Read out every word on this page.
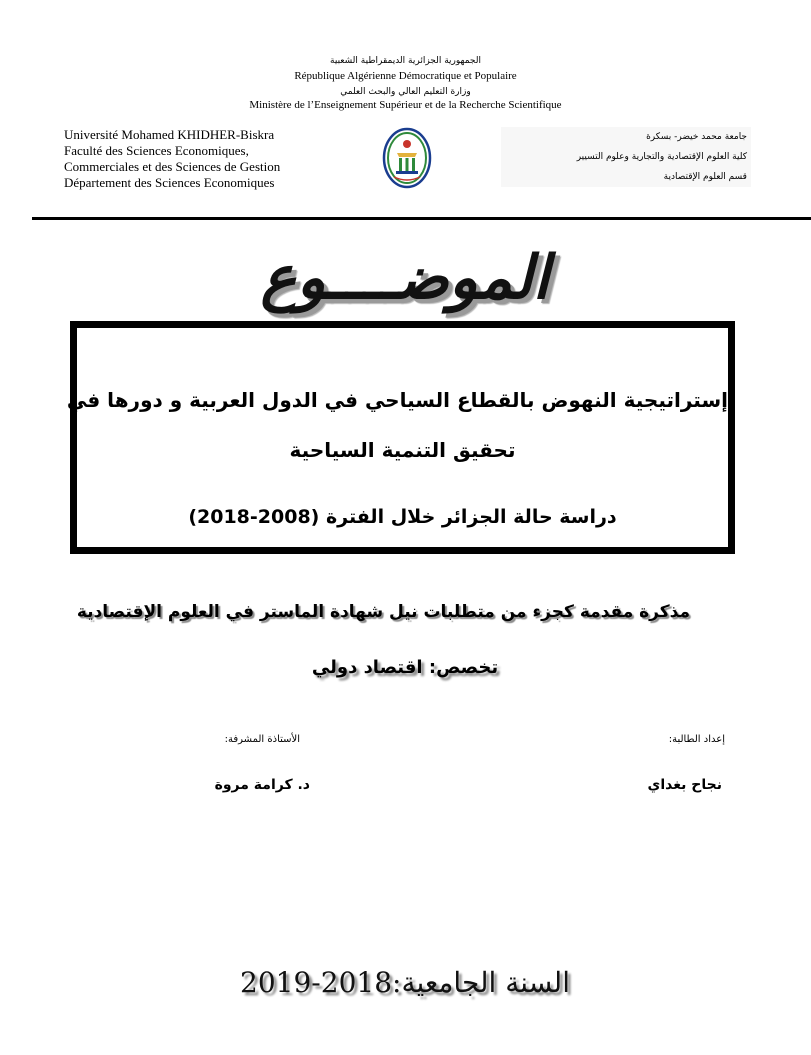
الجمهورية الجزائرية الديمقراطية الشعبية
République Algérienne Démocratique et Populaire
وزارة التعليم العالي والبحث العلمي
Ministère de l’Enseignement Supérieur et de la Recherche Scientifique
Université Mohamed KHIDHER-Biskra
Faculté des Sciences Economiques,
Commerciales et des Sciences de Gestion
Département des Sciences Economiques
جامعة محمد خيضر- بسكرة
كلية العلوم الإقتصادية والتجارية وعلوم التسيير
قسم العلوم الإقتصادية
الموضــــوع
إستراتيجية النهوض بالقطاع السياحي في الدول العربية و دورها في
تحقيق التنمية السياحية
دراسة حالة الجزائر خلال الفترة (2008-2018)
مذكرة مقدمة كجزء من متطلبات نيل شهادة الماستر في العلوم الإقتصادية
تخصص: اقتصاد دولي
الأستاذة المشرفة:	إعداد الطالبة:
د. كرامة مروة	نجاح بغداي
السنة الجامعية:2018-2019
